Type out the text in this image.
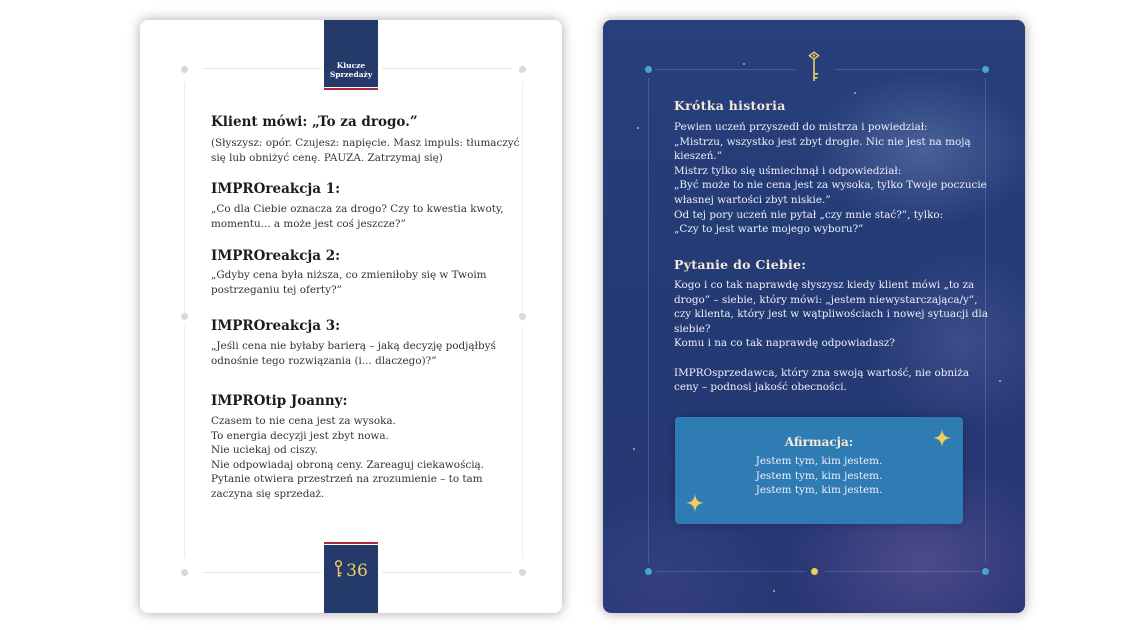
Klucze
Sprzedaży
Klient mówi: „To za drogo.”
(Słyszysz: opór. Czujesz: napięcie. Masz impuls: tłumaczyć
się lub obniżyć cenę. PAUZA. Zatrzymaj się)
IMPROreakcja 1:
„Co dla Ciebie oznacza za drogo? Czy to kwestia kwoty,
momentu... a może jest coś jeszcze?”
IMPROreakcja 2:
„Gdyby cena była niższa, co zmieniłoby się w Twoim
postrzeganiu tej oferty?”
IMPROreakcja 3:
„Jeśli cena nie byłaby barierą – jaką decyzję podjąłbyś
odnośnie tego rozwiązania (i... dlaczego)?”
IMPROtip Joanny:
Czasem to nie cena jest za wysoka.
To energia decyzji jest zbyt nowa.
Nie uciekaj od ciszy.
Nie odpowiadaj obroną ceny. Zareaguj ciekawością.
Pytanie otwiera przestrzeń na zrozumienie – to tam
zaczyna się sprzedaż.
36
Krótka historia
Pewien uczeń przyszedł do mistrza i powiedział:
„Mistrzu, wszystko jest zbyt drogie. Nic nie jest na moją
kieszeń.”
Mistrz tylko się uśmiechnął i odpowiedział:
„Być może to nie cena jest za wysoka, tylko Twoje poczucie
własnej wartości zbyt niskie.”
Od tej pory uczeń nie pytał „czy mnie stać?”, tylko:
„Czy to jest warte mojego wyboru?”
Pytanie do Ciebie:
Kogo i co tak naprawdę słyszysz kiedy klient mówi „to za
drogo” – siebie, który mówi: „jestem niewystarczająca/y”,
czy klienta, który jest w wątpliwościach i nowej sytuacji dla
siebie?
Komu i na co tak naprawdę odpowiadasz?
IMPROsprzedawca, który zna swoją wartość, nie obniża
ceny – podnosi jakość obecności.
Afirmacja:
Jestem tym, kim jestem.
Jestem tym, kim jestem.
Jestem tym, kim jestem.
